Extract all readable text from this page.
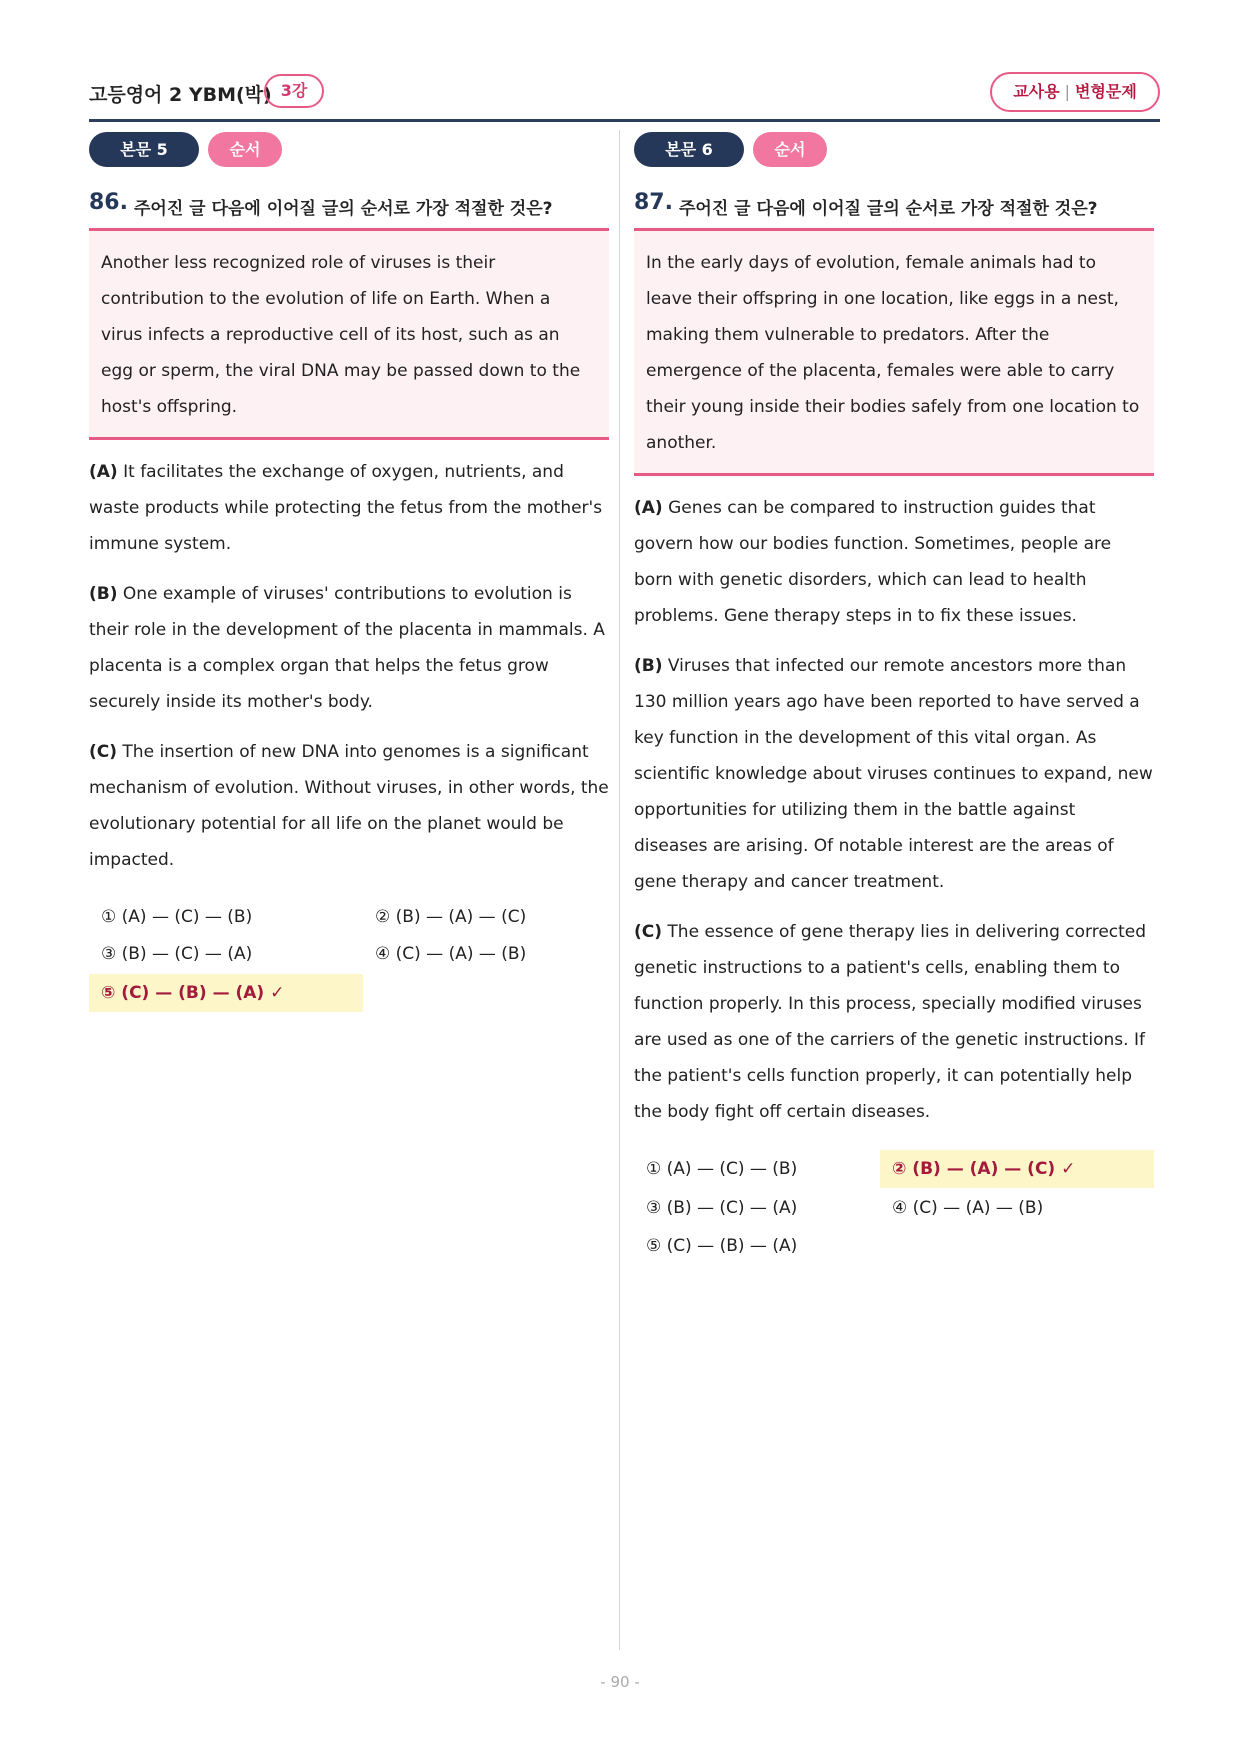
고등영어 2 YBM(박) 3강	교사용 | 변형문제
본문 5	순서
86. 주어진 글 다음에 이어질 글의 순서로 가장 적절한 것은?
Another less recognized role of viruses is their contribution to the evolution of life on Earth. When a virus infects a reproductive cell of its host, such as an egg or sperm, the viral DNA may be passed down to the host's offspring.
(A) It facilitates the exchange of oxygen, nutrients, and waste products while protecting the fetus from the mother's immune system.
(B) One example of viruses' contributions to evolution is their role in the development of the placenta in mammals. A placenta is a complex organ that helps the fetus grow securely inside its mother's body.
(C) The insertion of new DNA into genomes is a significant mechanism of evolution. Without viruses, in other words, the evolutionary potential for all life on the planet would be impacted.
① (A) — (C) — (B)	② (B) — (A) — (C)
③ (B) — (C) — (A)	④ (C) — (A) — (B)
⑤ (C) — (B) — (A) ✓
본문 6	순서
87. 주어진 글 다음에 이어질 글의 순서로 가장 적절한 것은?
In the early days of evolution, female animals had to leave their offspring in one location, like eggs in a nest, making them vulnerable to predators. After the emergence of the placenta, females were able to carry their young inside their bodies safely from one location to another.
(A) Genes can be compared to instruction guides that govern how our bodies function. Sometimes, people are born with genetic disorders, which can lead to health problems. Gene therapy steps in to fix these issues.
(B) Viruses that infected our remote ancestors more than 130 million years ago have been reported to have served a key function in the development of this vital organ. As scientific knowledge about viruses continues to expand, new opportunities for utilizing them in the battle against diseases are arising. Of notable interest are the areas of gene therapy and cancer treatment.
(C) The essence of gene therapy lies in delivering corrected genetic instructions to a patient's cells, enabling them to function properly. In this process, specially modified viruses are used as one of the carriers of the genetic instructions. If the patient's cells function properly, it can potentially help the body fight off certain diseases.
① (A) — (C) — (B)	② (B) — (A) — (C) ✓
③ (B) — (C) — (A)	④ (C) — (A) — (B)
⑤ (C) — (B) — (A)
- 90 -
